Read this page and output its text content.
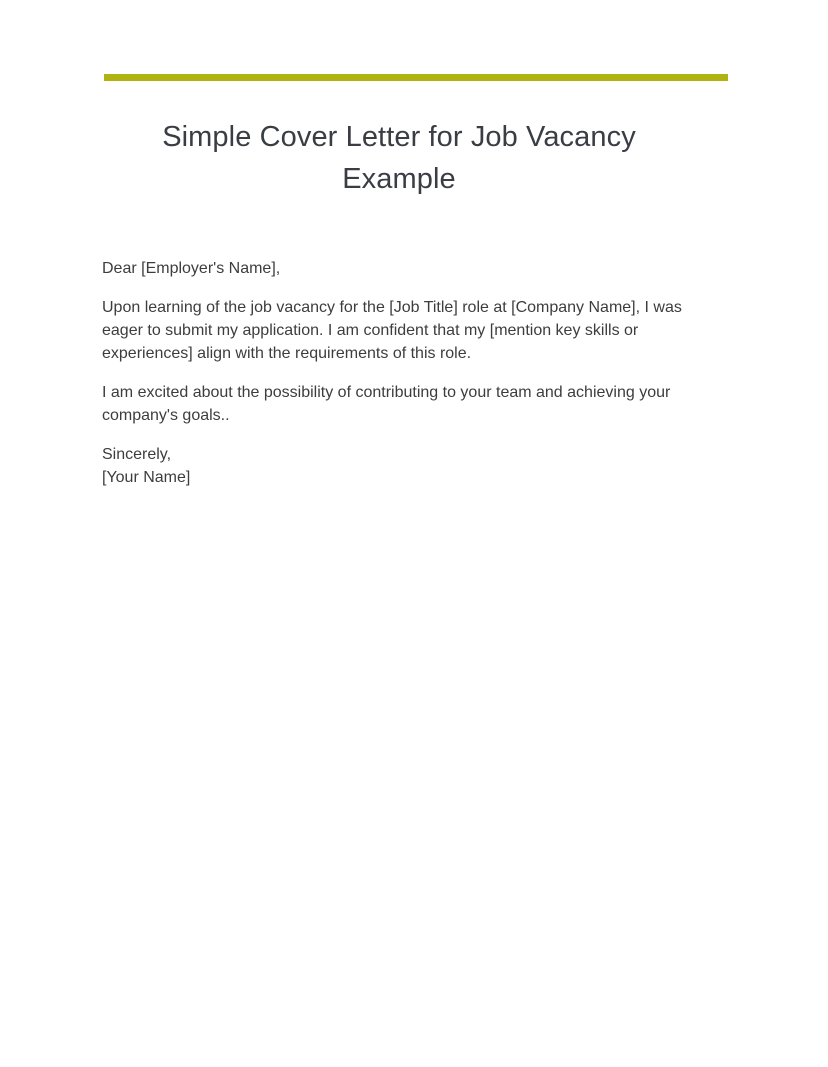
Simple Cover Letter for Job Vacancy Example

Dear [Employer's Name],

Upon learning of the job vacancy for the [Job Title] role at [Company Name], I was eager to submit my application. I am confident that my [mention key skills or experiences] align with the requirements of this role.

I am excited about the possibility of contributing to your team and achieving your company's goals..

Sincerely,
[Your Name]
